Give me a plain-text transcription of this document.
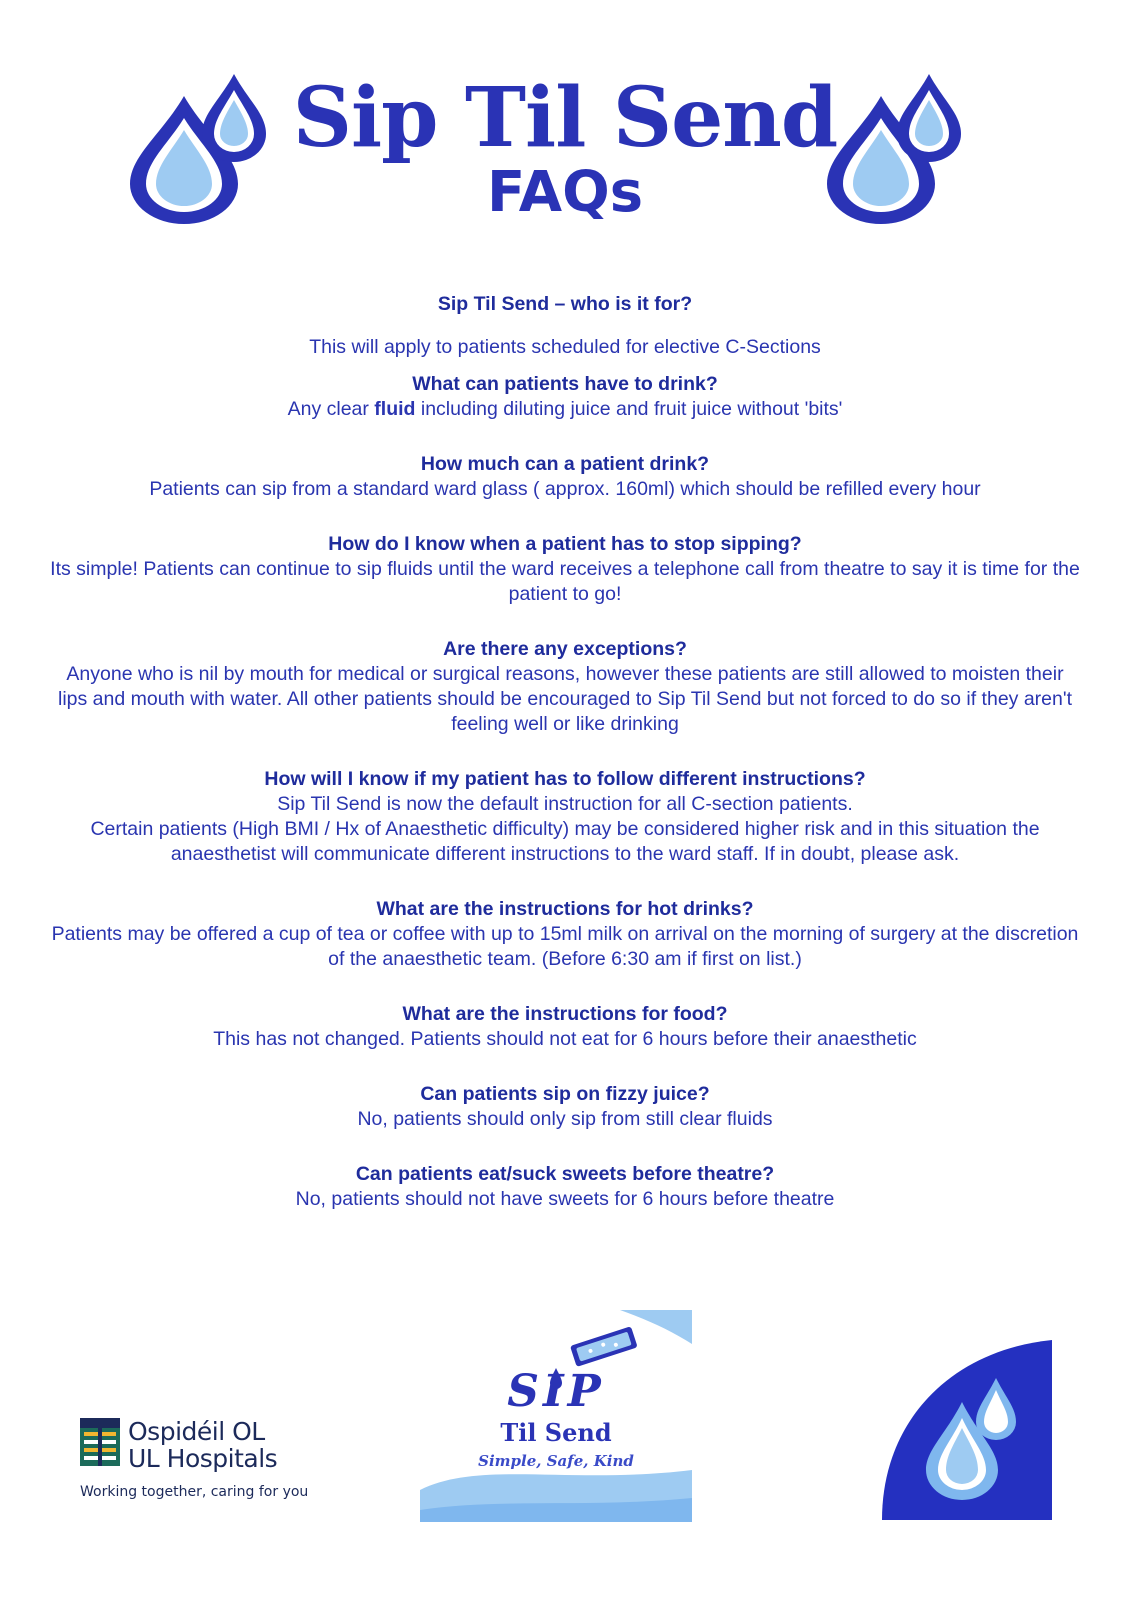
Sip Til Send
FAQs
Sip Til Send – who is it for?
This will apply to patients scheduled for elective C-Sections
What can patients have to drink?
Any clear fluid including diluting juice and fruit juice without 'bits'
How much can a patient drink?
Patients can sip from a standard ward glass ( approx. 160ml) which should be refilled every hour
How do I know when a patient has to stop sipping?
Its simple! Patients can continue to sip fluids until the ward receives a telephone call from theatre to say it is time for the patient to go!
Are there any exceptions?
Anyone who is nil by mouth for medical or surgical reasons, however these patients are still allowed to moisten their lips and mouth with water. All other patients should be encouraged to Sip Til Send but not forced to do so if they aren't feeling well or like drinking
How will I know if my patient has to follow different instructions?
Sip Til Send is now the default instruction for all C-section patients.
Certain patients (High BMI / Hx of Anaesthetic difficulty) may be considered higher risk and in this situation the anaesthetist will communicate different instructions to the ward staff. If in doubt, please ask.
What are the instructions for hot drinks?
Patients may be offered a cup of tea or coffee with up to 15ml milk on arrival on the morning of surgery at the discretion of the anaesthetic team. (Before 6:30 am if first on list.)
What are the instructions for food?
This has not changed. Patients should not eat for 6 hours before their anaesthetic
Can patients sip on fizzy juice?
No, patients should only sip from still clear fluids
Can patients eat/suck sweets before theatre?
No, patients should not have sweets for 6 hours before theatre
Ospidéil OL
UL Hospitals
Working together, caring for you
SIP
Til Send
Simple, Safe, Kind
